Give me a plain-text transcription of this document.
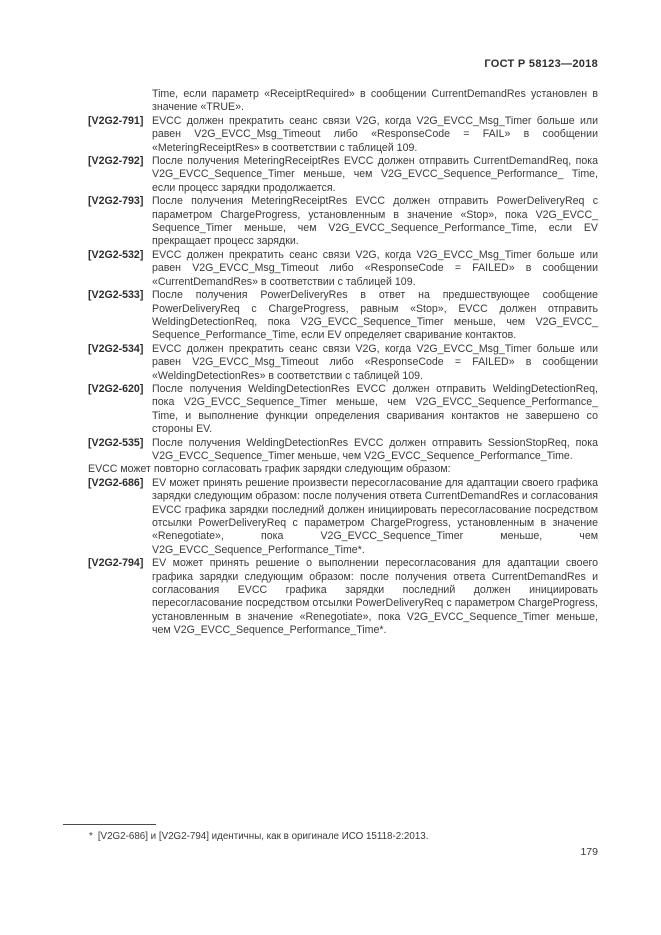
ГОСТ Р 58123—2018

Time, если параметр «ReceiptRequired» в сообщении CurrentDemandRes установлен в значение «TRUE».

[V2G2-791] EVCC должен прекратить сеанс связи V2G, когда V2G_EVCC_Msg_Timer больше или равен V2G_EVCC_Msg_Timeout либо «ResponseCode = FAIL» в сообщении «MeteringReceiptRes» в соответствии с таблицей 109.

[V2G2-792] После получения MeteringReceiptRes EVCC должен отправить CurrentDemandReq, пока V2G_EVCC_Sequence_Timer меньше, чем V2G_EVCC_Sequence_Performance_ Time, если процесс зарядки продолжается.

[V2G2-793] После получения MeteringReceiptRes EVCC должен отправить PowerDeliveryReq с параметром ChargeProgress, установленным в значение «Stop», пока V2G_EVCC_ Sequence_Timer меньше, чем V2G_EVCC_Sequence_Performance_Time, если EV прекращает процесс зарядки.

[V2G2-532] EVCC должен прекратить сеанс связи V2G, когда V2G_EVCC_Msg_Timer больше или равен V2G_EVCC_Msg_Timeout либо «ResponseCode = FAILED» в сообщении «CurrentDemandRes» в соответствии с таблицей 109.

[V2G2-533] После получения PowerDeliveryRes в ответ на предшествующее сообщение PowerDeliveryReq с ChargeProgress, равным «Stop», EVCC должен отправить WeldingDetectionReq, пока V2G_EVCC_Sequence_Timer меньше, чем V2G_EVCC_ Sequence_Performance_Time, если EV определяет сваривание контактов.

[V2G2-534] EVCC должен прекратить сеанс связи V2G, когда V2G_EVCC_Msg_Timer больше или равен V2G_EVCC_Msg_Timeout либо «ResponseCode = FAILED» в сообщении «WeldingDetectionRes» в соответствии с таблицей 109.

[V2G2-620] После получения WeldingDetectionRes EVCC должен отправить WeldingDetectionReq, пока V2G_EVCC_Sequence_Timer меньше, чем V2G_EVCC_Sequence_Performance_ Time, и выполнение функции определения сваривания контактов не завершено со стороны EV.

[V2G2-535] После получения WeldingDetectionRes EVCC должен отправить SessionStopReq, пока V2G_EVCC_Sequence_Timer меньше, чем V2G_EVCC_Sequence_Performance_Time.

EVCC может повторно согласовать график зарядки следующим образом:

[V2G2-686] EV может принять решение произвести пересогласование для адаптации своего графика зарядки следующим образом: после получения ответа CurrentDemandRes и согласования EVCC графика зарядки последний должен инициировать пересогласование посредством отсылки PowerDeliveryReq с параметром ChargeProgress, установленным в значение «Renegotiate», пока V2G_EVCC_Sequence_Timer меньше, чем V2G_EVCC_Sequence_Performance_Time*.

[V2G2-794] EV может принять решение о выполнении пересогласования для адаптации своего графика зарядки следующим образом: после получения ответа CurrentDemandRes и согласования EVCC графика зарядки последний должен инициировать пересогласование посредством отсылки PowerDeliveryReq с параметром ChargeProgress, установленным в значение «Renegotiate», пока V2G_EVCC_Sequence_Timer меньше, чем V2G_EVCC_Sequence_Performance_Time*.

* [V2G2-686] и [V2G2-794] идентичны, как в оригинале ИСО 15118-2:2013.
179
